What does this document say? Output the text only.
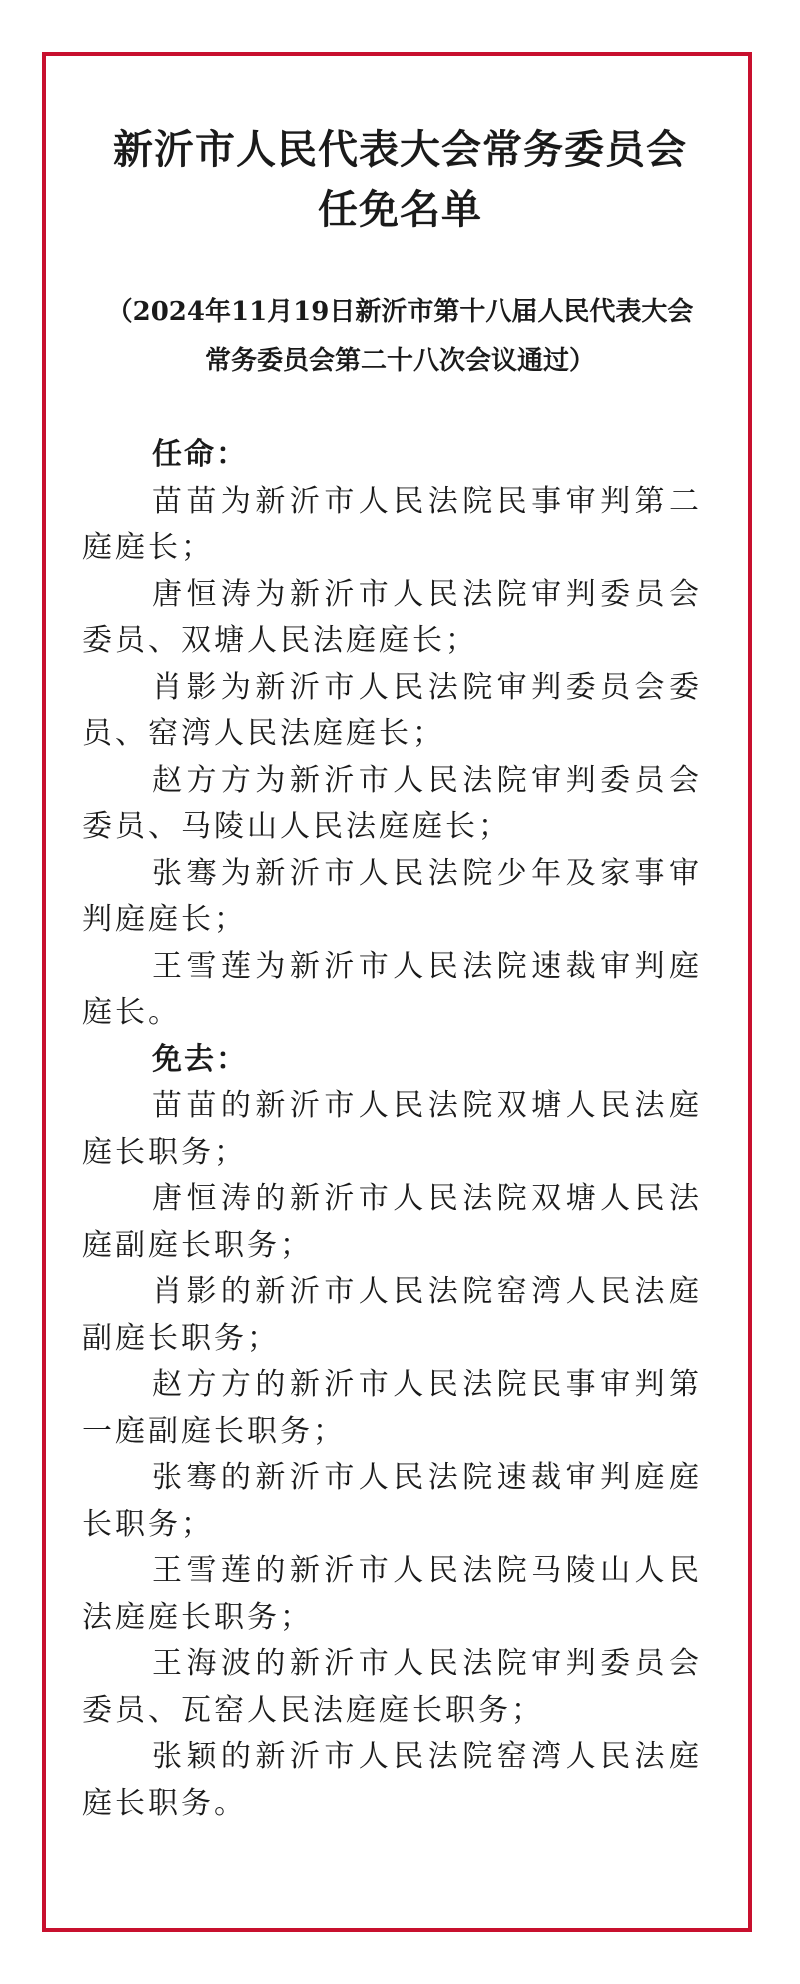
新沂市人民代表大会常务委员会
任免名单
（2024年11月19日新沂市第十八届人民代表大会
常务委员会第二十八次会议通过）
任命：
苗苗为新沂市人民法院民事审判第二庭庭长；
唐恒涛为新沂市人民法院审判委员会委员、双塘人民法庭庭长；
肖影为新沂市人民法院审判委员会委员、窑湾人民法庭庭长；
赵方方为新沂市人民法院审判委员会委员、马陵山人民法庭庭长；
张骞为新沂市人民法院少年及家事审判庭庭长；
王雪莲为新沂市人民法院速裁审判庭庭长。
免去：
苗苗的新沂市人民法院双塘人民法庭庭长职务；
唐恒涛的新沂市人民法院双塘人民法庭副庭长职务；
肖影的新沂市人民法院窑湾人民法庭副庭长职务；
赵方方的新沂市人民法院民事审判第一庭副庭长职务；
张骞的新沂市人民法院速裁审判庭庭长职务；
王雪莲的新沂市人民法院马陵山人民法庭庭长职务；
王海波的新沂市人民法院审判委员会委员、瓦窑人民法庭庭长职务；
张颖的新沂市人民法院窑湾人民法庭庭长职务。
